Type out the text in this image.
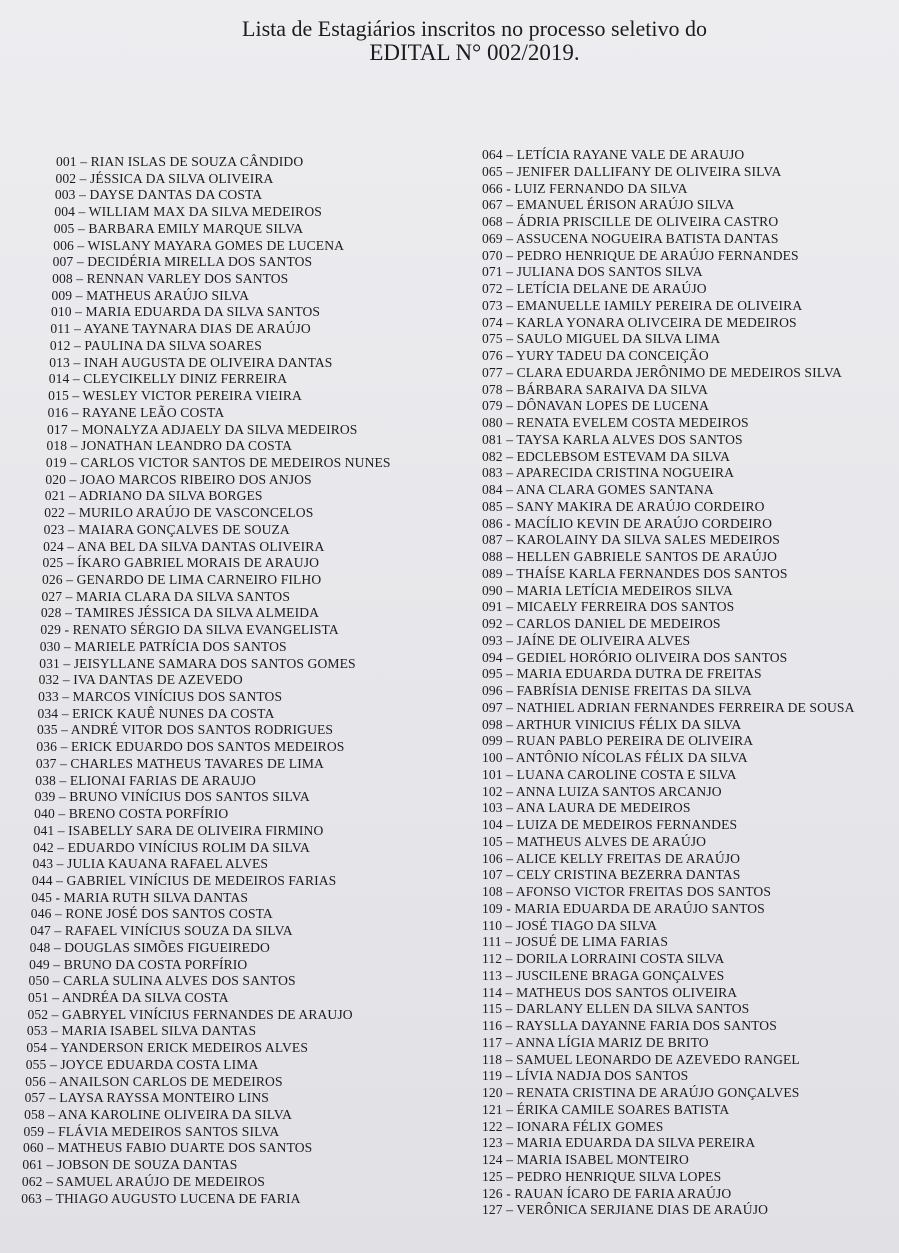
Lista de Estagiários inscritos no processo seletivo do
EDITAL N° 002/2019.
001 – RIAN ISLAS DE SOUZA CÂNDIDO
002 – JÉSSICA DA SILVA OLIVEIRA
003 – DAYSE DANTAS DA COSTA
004 – WILLIAM MAX DA SILVA MEDEIROS
005 – BARBARA EMILY MARQUE SILVA
006 – WISLANY MAYARA GOMES DE LUCENA
007 – DECIDÉRIA MIRELLA DOS SANTOS
008 – RENNAN VARLEY DOS SANTOS
009 – MATHEUS ARAÚJO SILVA
010 – MARIA EDUARDA DA SILVA SANTOS
011 – AYANE TAYNARA DIAS DE ARAÚJO
012 – PAULINA DA SILVA SOARES
013 – INAH AUGUSTA DE OLIVEIRA DANTAS
014 – CLEYCIKELLY DINIZ FERREIRA
015 – WESLEY VICTOR PEREIRA VIEIRA
016 – RAYANE LEÃO COSTA
017 – MONALYZA ADJAELY DA SILVA MEDEIROS
018 – JONATHAN LEANDRO DA COSTA
019 – CARLOS VICTOR SANTOS DE MEDEIROS NUNES
020 – JOAO MARCOS RIBEIRO DOS ANJOS
021 – ADRIANO DA SILVA BORGES
022 – MURILO ARAÚJO DE VASCONCELOS
023 – MAIARA GONÇALVES DE SOUZA
024 – ANA BEL DA SILVA DANTAS OLIVEIRA
025 – ÍKARO GABRIEL MORAIS DE ARAUJO
026 – GENARDO DE LIMA CARNEIRO FILHO
027 – MARIA CLARA DA SILVA SANTOS
028 – TAMIRES JÉSSICA DA SILVA ALMEIDA
029 - RENATO SÉRGIO DA SILVA EVANGELISTA
030 – MARIELE PATRÍCIA DOS SANTOS
031 – JEISYLLANE SAMARA DOS SANTOS GOMES
032 – IVA DANTAS DE AZEVEDO
033 – MARCOS VINÍCIUS DOS SANTOS
034 – ERICK KAUÊ NUNES DA COSTA
035 – ANDRÉ VITOR DOS SANTOS RODRIGUES
036 – ERICK EDUARDO DOS SANTOS MEDEIROS
037 – CHARLES MATHEUS TAVARES DE LIMA
038 – ELIONAI FARIAS DE ARAUJO
039 – BRUNO VINÍCIUS DOS SANTOS SILVA
040 – BRENO COSTA PORFÍRIO
041 – ISABELLY SARA DE OLIVEIRA FIRMINO
042 – EDUARDO VINÍCIUS ROLIM DA SILVA
043 – JULIA KAUANA RAFAEL ALVES
044 – GABRIEL VINÍCIUS DE MEDEIROS FARIAS
045 - MARIA RUTH SILVA DANTAS
046 – RONE JOSÉ DOS SANTOS COSTA
047 – RAFAEL VINÍCIUS SOUZA DA SILVA
048 – DOUGLAS SIMÕES FIGUEIREDO
049 – BRUNO DA COSTA PORFÍRIO
050 – CARLA SULINA ALVES DOS SANTOS
051 – ANDRÉA DA SILVA COSTA
052 – GABRYEL VINÍCIUS FERNANDES DE ARAUJO
053 – MARIA ISABEL SILVA DANTAS
054 – YANDERSON ERICK MEDEIROS ALVES
055 – JOYCE EDUARDA COSTA LIMA
056 – ANAILSON CARLOS DE MEDEIROS
057 – LAYSA RAYSSA MONTEIRO LINS
058 – ANA KAROLINE OLIVEIRA DA SILVA
059 – FLÁVIA MEDEIROS SANTOS SILVA
060 – MATHEUS FABIO DUARTE DOS SANTOS
061 – JOBSON DE SOUZA DANTAS
062 – SAMUEL ARAÚJO DE MEDEIROS
063 – THIAGO AUGUSTO LUCENA DE FARIA
064 – LETÍCIA RAYANE VALE DE ARAUJO
065 – JENIFER DALLIFANY DE OLIVEIRA SILVA
066 - LUIZ FERNANDO DA SILVA
067 – EMANUEL ÉRISON ARAÚJO SILVA
068 – ÁDRIA PRISCILLE DE OLIVEIRA CASTRO
069 – ASSUCENA NOGUEIRA BATISTA DANTAS
070 – PEDRO HENRIQUE DE ARAÚJO FERNANDES
071 – JULIANA DOS SANTOS SILVA
072 – LETÍCIA DELANE DE ARAÚJO
073 – EMANUELLE IAMILY PEREIRA DE OLIVEIRA
074 – KARLA YONARA OLIVCEIRA DE MEDEIROS
075 – SAULO MIGUEL DA SILVA LIMA
076 – YURY TADEU DA CONCEIÇÃO
077 – CLARA EDUARDA JERÔNIMO DE MEDEIROS SILVA
078 – BÁRBARA SARAIVA DA SILVA
079 – DÔNAVAN LOPES DE LUCENA
080 – RENATA EVELEM COSTA MEDEIROS
081 – TAYSA KARLA ALVES DOS SANTOS
082 – EDCLEBSOM ESTEVAM DA SILVA
083 – APARECIDA CRISTINA NOGUEIRA
084 – ANA CLARA GOMES SANTANA
085 – SANY MAKIRA DE ARAÚJO CORDEIRO
086 - MACÍLIO KEVIN DE ARAÚJO CORDEIRO
087 – KAROLAINY DA SILVA SALES MEDEIROS
088 – HELLEN GABRIELE SANTOS DE ARAÚJO
089 – THAÍSE KARLA FERNANDES DOS SANTOS
090 – MARIA LETÍCIA MEDEIROS SILVA
091 – MICAELY FERREIRA DOS SANTOS
092 – CARLOS DANIEL DE MEDEIROS
093 – JAÍNE DE OLIVEIRA ALVES
094 – GEDIEL HORÓRIO OLIVEIRA DOS SANTOS
095 – MARIA EDUARDA DUTRA DE FREITAS
096 – FABRÍSIA DENISE FREITAS DA SILVA
097 – NATHIEL ADRIAN FERNANDES FERREIRA DE SOUSA
098 – ARTHUR VINICIUS FÉLIX DA SILVA
099 – RUAN PABLO PEREIRA DE OLIVEIRA
100 – ANTÔNIO NÍCOLAS FÉLIX DA SILVA
101 – LUANA CAROLINE COSTA E SILVA
102 – ANNA LUIZA SANTOS ARCANJO
103 – ANA LAURA DE MEDEIROS
104 – LUIZA DE MEDEIROS FERNANDES
105 – MATHEUS ALVES DE ARAÚJO
106 – ALICE KELLY FREITAS DE ARAÚJO
107 – CELY CRISTINA BEZERRA DANTAS
108 – AFONSO VICTOR FREITAS DOS SANTOS
109 - MARIA EDUARDA DE ARAÚJO SANTOS
110 – JOSÉ TIAGO DA SILVA
111 – JOSUÉ DE LIMA FARIAS
112 – DORILA LORRAINI COSTA SILVA
113 – JUSCILENE BRAGA GONÇALVES
114 – MATHEUS DOS SANTOS OLIVEIRA
115 – DARLANY ELLEN DA SILVA SANTOS
116 – RAYSLLA DAYANNE FARIA DOS SANTOS
117 – ANNA LÍGIA MARIZ DE BRITO
118 – SAMUEL LEONARDO DE AZEVEDO RANGEL
119 – LÍVIA NADJA DOS SANTOS
120 – RENATA CRISTINA DE ARAÚJO GONÇALVES
121 – ÉRIKA CAMILE SOARES BATISTA
122 – IONARA FÉLIX GOMES
123 – MARIA EDUARDA DA SILVA PEREIRA
124 – MARIA ISABEL MONTEIRO
125 – PEDRO HENRIQUE SILVA LOPES
126 - RAUAN ÍCARO DE FARIA ARAÚJO
127 – VERÔNICA SERJIANE DIAS DE ARAÚJO
